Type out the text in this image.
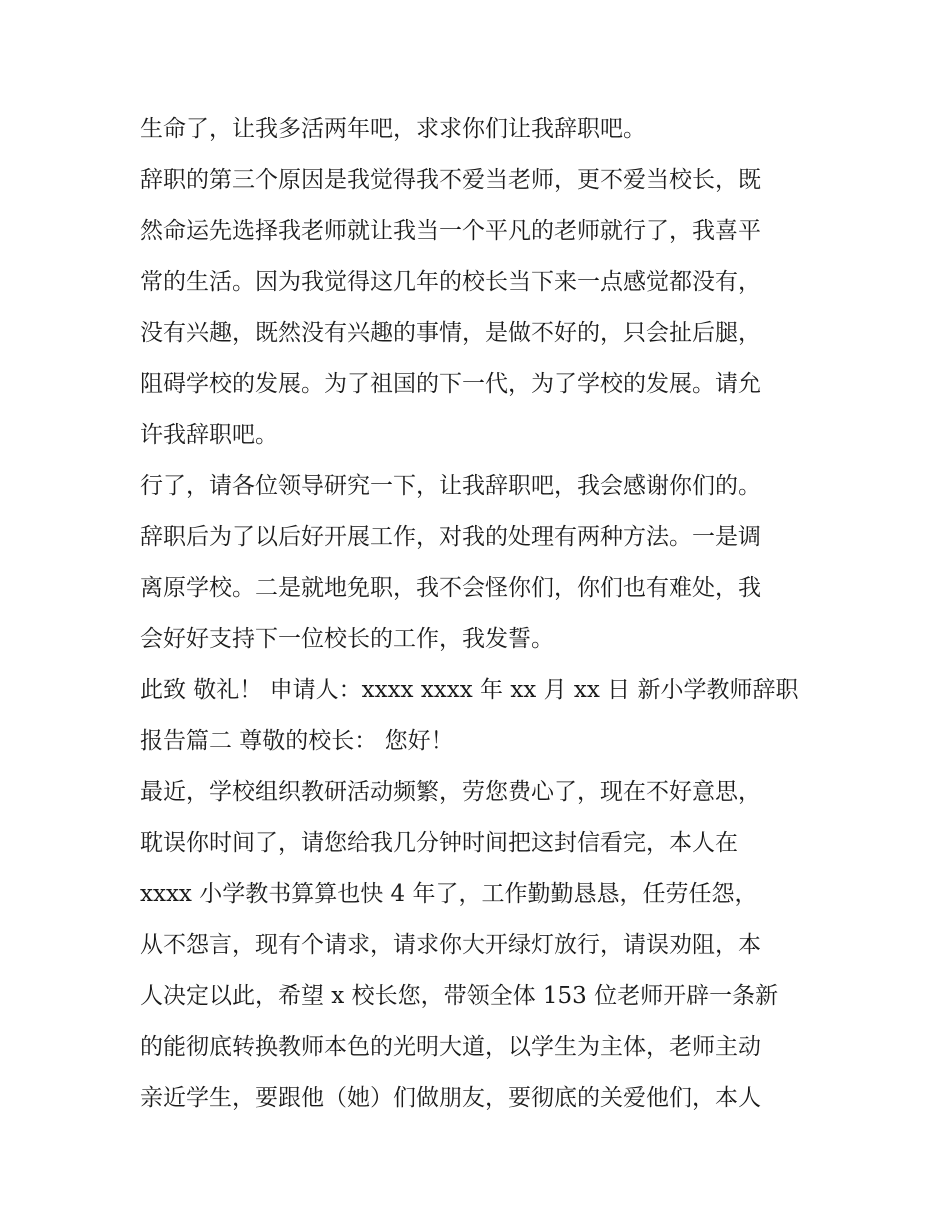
生命了，让我多活两年吧，求求你们让我辞职吧。
辞职的第三个原因是我觉得我不爱当老师，更不爱当校长，既
然命运先选择我老师就让我当一个平凡的老师就行了，我喜平
常的生活。因为我觉得这几年的校长当下来一点感觉都没有，
没有兴趣，既然没有兴趣的事情，是做不好的，只会扯后腿，
阻碍学校的发展。为了祖国的下一代，为了学校的发展。请允
许我辞职吧。
行了，请各位领导研究一下，让我辞职吧，我会感谢你们的。
辞职后为了以后好开展工作，对我的处理有两种方法。一是调
离原学校。二是就地免职，我不会怪你们，你们也有难处，我
会好好支持下一位校长的工作，我发誓。
此致 敬礼！ 申请人：xxxx xxxx 年 xx 月 xx 日 新小学教师辞职
报告篇二 尊敬的校长： 您好！
最近，学校组织教研活动频繁，劳您费心了，现在不好意思，
耽误你时间了，请您给我几分钟时间把这封信看完，本人在
xxxx 小学教书算算也快 4 年了，工作勤勤恳恳，任劳任怨，
从不怨言，现有个请求，请求你大开绿灯放行，请误劝阻，本
人决定以此，希望 x 校长您，带领全体 153 位老师开辟一条新
的能彻底转换教师本色的光明大道，以学生为主体，老师主动
亲近学生，要跟他（她）们做朋友，要彻底的关爱他们，本人
